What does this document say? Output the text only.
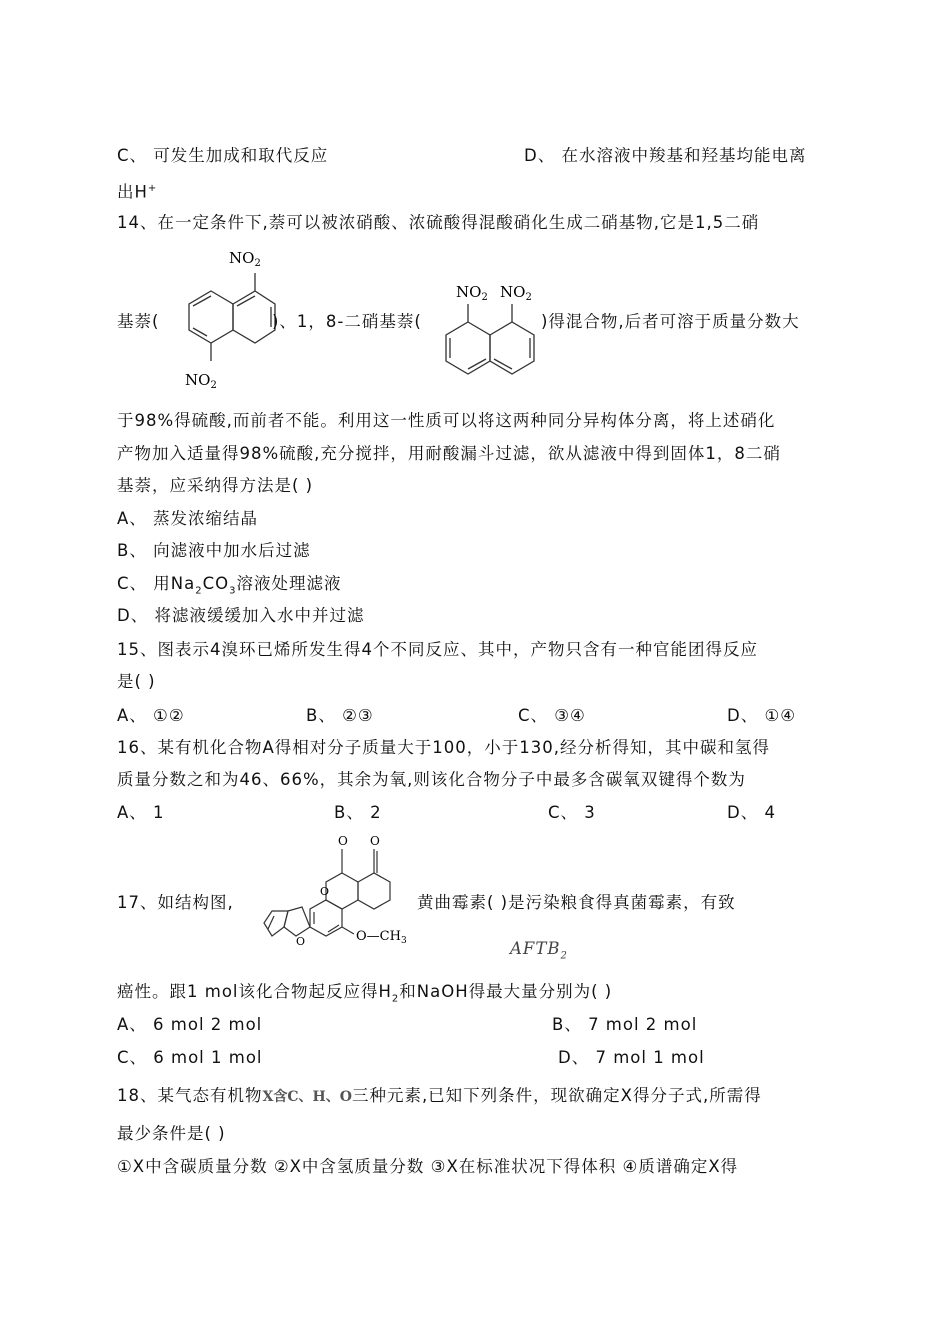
C、 可发生加成和取代反应	D、 在水溶液中羧基和羟基均能电离
出H+
14、在一定条件下,萘可以被浓硝酸、浓硫酸得混酸硝化生成二硝基物,它是1,5二硝
基萘(
$NO_2$
$NO_2$
)、1，8-二硝基萘(
$NO_2$ $NO_2$
)得混合物,后者可溶于质量分数大
于98%得硫酸,而前者不能。利用这一性质可以将这两种同分异构体分离，将上述硝化
产物加入适量得98%硫酸,充分搅拌，用耐酸漏斗过滤，欲从滤液中得到固体1，8二硝
基萘，应采纳得方法是( )
A、 蒸发浓缩结晶
B、 向滤液中加水后过滤
C、 用$Na_2CO_3$溶液处理滤液
D、 将滤液缓缓加入水中并过滤
15、图表示4溴环已烯所发生得4个不同反应、其中，产物只含有一种官能团得反应
是( )
A、 ①②	B、 ②③	C、 ③④	D、 ①④
16、某有机化合物A得相对分子质量大于100，小于130,经分析得知，其中碳和氢得
质量分数之和为46、66%，其余为氧,则该化合物分子中最多含碳氧双键得个数为
A、 1	B、 2	C、 3	D、 4
17、如结构图,
O O
O
O	$O—CH_3$
黄曲霉素( )是污染粮食得真菌霉素，有致
$AFTB_2$
癌性。跟1 mol该化合物起反应得$H_2$和NaOH得最大量分别为( )
A、 6 mol 2 mol	B、 7 mol 2 mol
C、 6 mol 1 mol	D、 7 mol 1 mol
18、某气态有机物X含C、H、O三种元素,已知下列条件，现欲确定X得分子式,所需得
最少条件是( )
①X中含碳质量分数 ②X中含氢质量分数 ③X在标准状况下得体积 ④质谱确定X得
